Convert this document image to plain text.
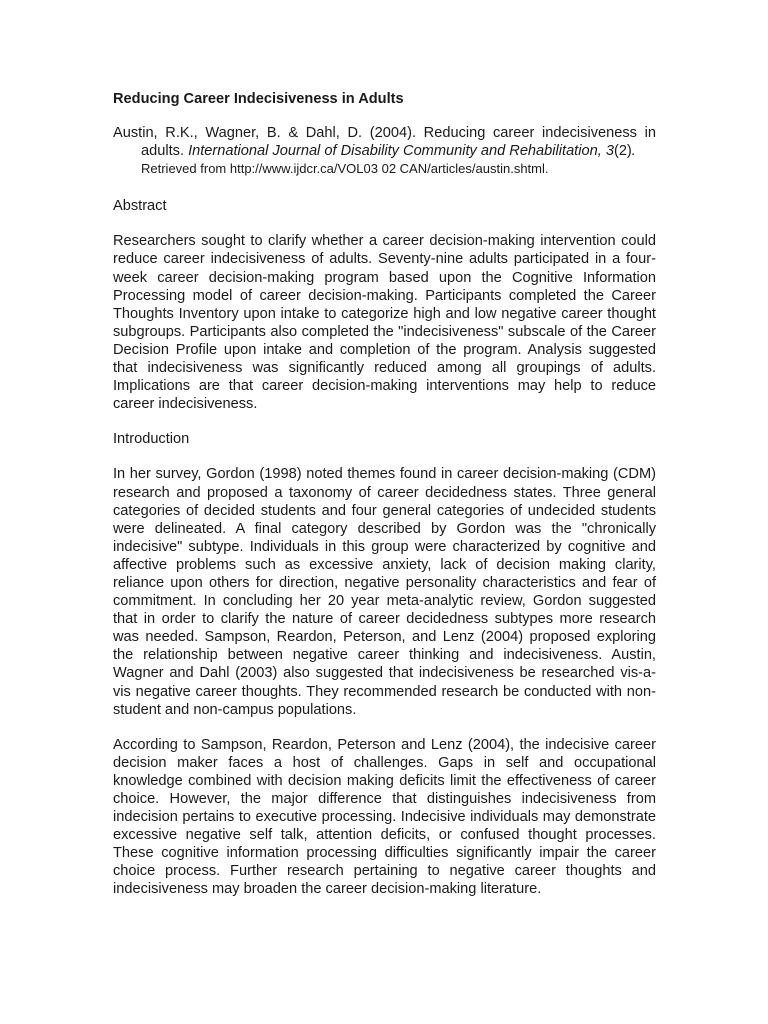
Reducing Career Indecisiveness in Adults
Austin, R.K., Wagner, B. & Dahl, D. (2004). Reducing career indecisiveness in adults. International Journal of Disability Community and Rehabilitation, 3(2).
Retrieved from http://www.ijdcr.ca/VOL03 02 CAN/articles/austin.shtml.
Abstract
Researchers sought to clarify whether a career decision-making intervention could reduce career indecisiveness of adults. Seventy-nine adults participated in a four-week career decision-making program based upon the Cognitive Information Processing model of career decision-making. Participants completed the Career Thoughts Inventory upon intake to categorize high and low negative career thought subgroups. Participants also completed the "indecisiveness" subscale of the Career Decision Profile upon intake and completion of the program. Analysis suggested that indecisiveness was significantly reduced among all groupings of adults. Implications are that career decision-making interventions may help to reduce career indecisiveness.
Introduction
In her survey, Gordon (1998) noted themes found in career decision-making (CDM) research and proposed a taxonomy of career decidedness states. Three general categories of decided students and four general categories of undecided students were delineated. A final category described by Gordon was the "chronically indecisive" subtype. Individuals in this group were characterized by cognitive and affective problems such as excessive anxiety, lack of decision making clarity, reliance upon others for direction, negative personality characteristics and fear of commitment. In concluding her 20 year meta-analytic review, Gordon suggested that in order to clarify the nature of career decidedness subtypes more research was needed. Sampson, Reardon, Peterson, and Lenz (2004) proposed exploring the relationship between negative career thinking and indecisiveness. Austin, Wagner and Dahl (2003) also suggested that indecisiveness be researched vis-a-vis negative career thoughts. They recommended research be conducted with non-student and non-campus populations.
According to Sampson, Reardon, Peterson and Lenz (2004), the indecisive career decision maker faces a host of challenges. Gaps in self and occupational knowledge combined with decision making deficits limit the effectiveness of career choice. However, the major difference that distinguishes indecisiveness from indecision pertains to executive processing. Indecisive individuals may demonstrate excessive negative self talk, attention deficits, or confused thought processes. These cognitive information processing difficulties significantly impair the career choice process. Further research pertaining to negative career thoughts and indecisiveness may broaden the career decision-making literature.
